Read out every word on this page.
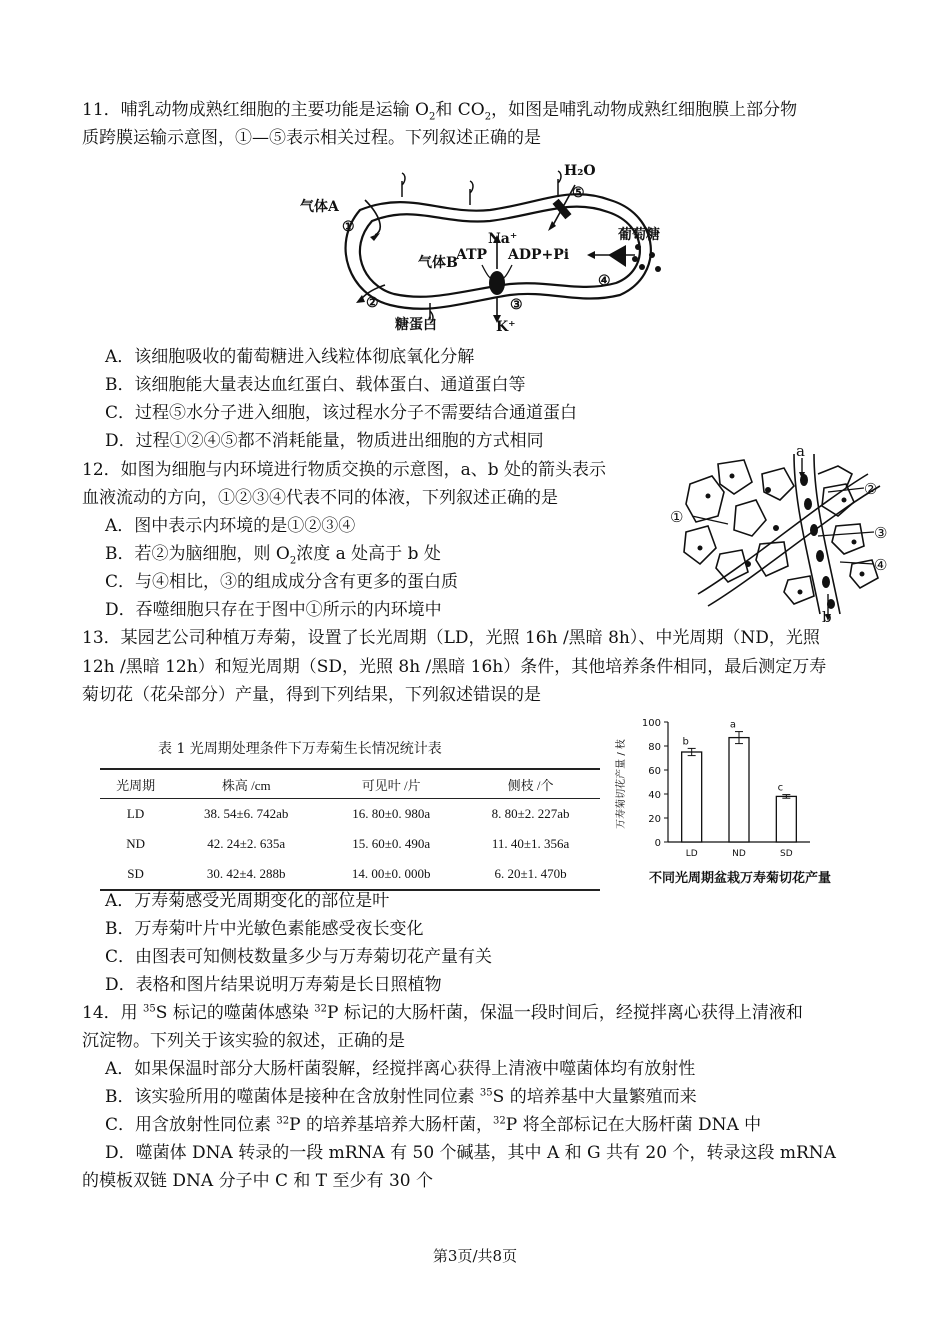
11．哺乳动物成熟红细胞的主要功能是运输 $O_2$和 $CO_2$，如图是哺乳动物成熟红细胞膜上部分物
质跨膜运输示意图，①—⑤表示相关过程。下列叙述正确的是
气体A
①
气体B
②
糖蛋白
H₂O
⑤
葡萄糖
④
Na⁺
ATP ADP+Pi
③
K⁺
A．该细胞吸收的葡萄糖进入线粒体彻底氧化分解
B．该细胞能大量表达血红蛋白、载体蛋白、通道蛋白等
C．过程⑤水分子进入细胞，该过程水分子不需要结合通道蛋白
D．过程①②④⑤都不消耗能量，物质进出细胞的方式相同
12．如图为细胞与内环境进行物质交换的示意图，a、b 处的箭头表示
血液流动的方向，①②③④代表不同的体液，下列叙述正确的是
A．图中表示内环境的是①②③④
B．若②为脑细胞，则 $O_2$浓度 a 处高于 b 处
C．与④相比，③的组成成分含有更多的蛋白质
D．吞噬细胞只存在于图中①所示的内环境中
a
①
②
③
④
b
13．某园艺公司种植万寿菊，设置了长光周期（LD，光照 16h /黑暗 8h）、中光周期（ND，光照
12h /黑暗 12h）和短光周期（SD，光照 8h /黑暗 16h）条件，其他培养条件相同，最后测定万寿
菊切花（花朵部分）产量，得到下列结果，下列叙述错误的是
表 1 光周期处理条件下万寿菊生长情况统计表
光周期	株高 /cm	可见叶 /片	侧枝 /个
LD	38. 54±6. 742ab	16. 80±0. 980a	8. 80±2. 227ab
ND	42. 24±2. 635a	15. 60±0. 490a	11. 40±1. 356a
SD	30. 42±4. 288b	14. 00±0. 000b	6. 20±1. 470b
万寿菊切花产量 / 枝
0
20
40
60
80
100
b
LD
a
ND
c
SD
不同光周期盆栽万寿菊切花产量
A．万寿菊感受光周期变化的部位是叶
B．万寿菊叶片中光敏色素能感受夜长变化
C．由图表可知侧枝数量多少与万寿菊切花产量有关
D．表格和图片结果说明万寿菊是长日照植物
14．用 $^{35}$S 标记的噬菌体感染 $^{32}$P 标记的大肠杆菌，保温一段时间后，经搅拌离心获得上清液和
沉淀物。下列关于该实验的叙述，正确的是
A．如果保温时部分大肠杆菌裂解，经搅拌离心获得上清液中噬菌体均有放射性
B．该实验所用的噬菌体是接种在含放射性同位素 $^{35}$S 的培养基中大量繁殖而来
C．用含放射性同位素 $^{32}$P 的培养基培养大肠杆菌，$^{32}$P 将全部标记在大肠杆菌 DNA 中
D．噬菌体 DNA 转录的一段 mRNA 有 50 个碱基，其中 A 和 G 共有 20 个，转录这段 mRNA
的模板双链 DNA 分子中 C 和 T 至少有 30 个
第3页/共8页
